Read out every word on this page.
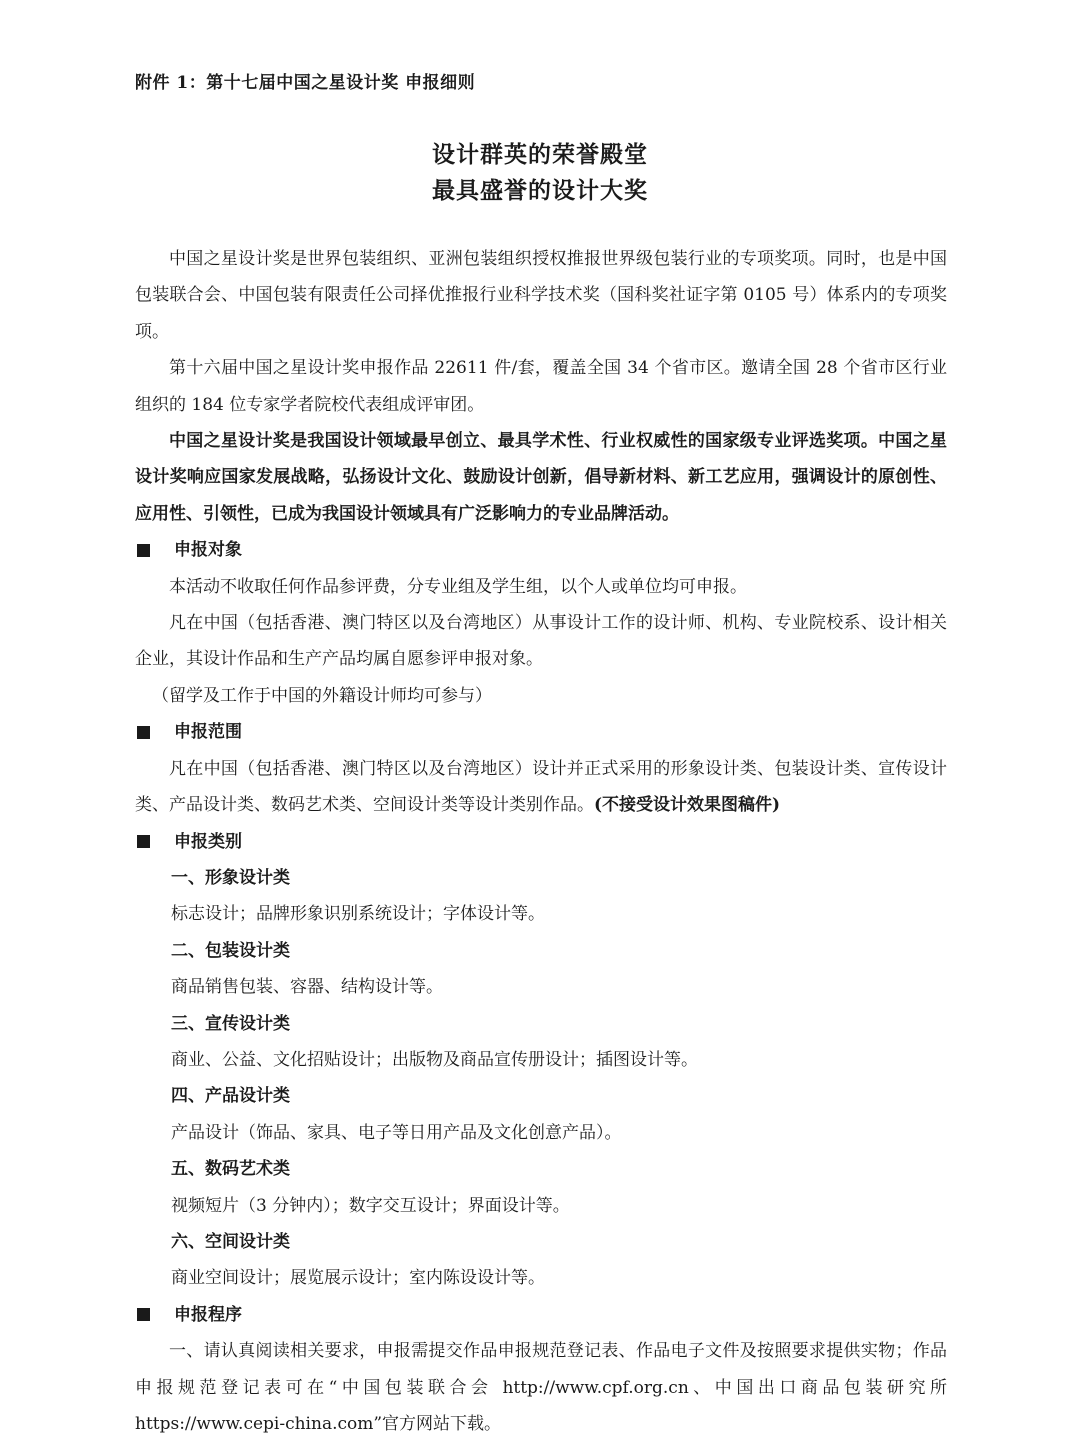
附件 1：第十七届中国之星设计奖 申报细则
设计群英的荣誉殿堂
最具盛誉的设计大奖

中国之星设计奖是世界包装组织、亚洲包装组织授权推报世界级包装行业的专项奖项。同时，也是中国包装联合会、中国包装有限责任公司择优推报行业科学技术奖（国科奖社证字第 0105 号）体系内的专项奖项。

第十六届中国之星设计奖申报作品 22611 件/套，覆盖全国 34 个省市区。邀请全国 28 个省市区行业组织的 184 位专家学者院校代表组成评审团。

中国之星设计奖是我国设计领域最早创立、最具学术性、行业权威性的国家级专业评选奖项。中国之星设计奖响应国家发展战略，弘扬设计文化、鼓励设计创新，倡导新材料、新工艺应用，强调设计的原创性、应用性、引领性，已成为我国设计领域具有广泛影响力的专业品牌活动。

申报对象

本活动不收取任何作品参评费，分专业组及学生组，以个人或单位均可申报。

凡在中国（包括香港、澳门特区以及台湾地区）从事设计工作的设计师、机构、专业院校系、设计相关企业，其设计作品和生产产品均属自愿参评申报对象。

（留学及工作于中国的外籍设计师均可参与）

申报范围

凡在中国（包括香港、澳门特区以及台湾地区）设计并正式采用的形象设计类、包装设计类、宣传设计类、产品设计类、数码艺术类、空间设计类等设计类别作品。(不接受设计效果图稿件)

申报类别

一、形象设计类

标志设计；品牌形象识别系统设计；字体设计等。

二、包装设计类

商品销售包装、容器、结构设计等。

三、宣传设计类

商业、公益、文化招贴设计；出版物及商品宣传册设计；插图设计等。

四、产品设计类

产品设计（饰品、家具、电子等日用产品及文化创意产品）。

五、数码艺术类

视频短片（3 分钟内）；数字交互设计；界面设计等。

六、空间设计类

商业空间设计；展览展示设计；室内陈设设计等。

申报程序

一、请认真阅读相关要求，申报需提交作品申报规范登记表、作品电子文件及按照要求提供实物；作品申报规范登记表可在“中国包装联合会 http://www.cpf.org.cn、中国出口商品包装研究所 https://www.cepi-china.com”官方网站下载。
